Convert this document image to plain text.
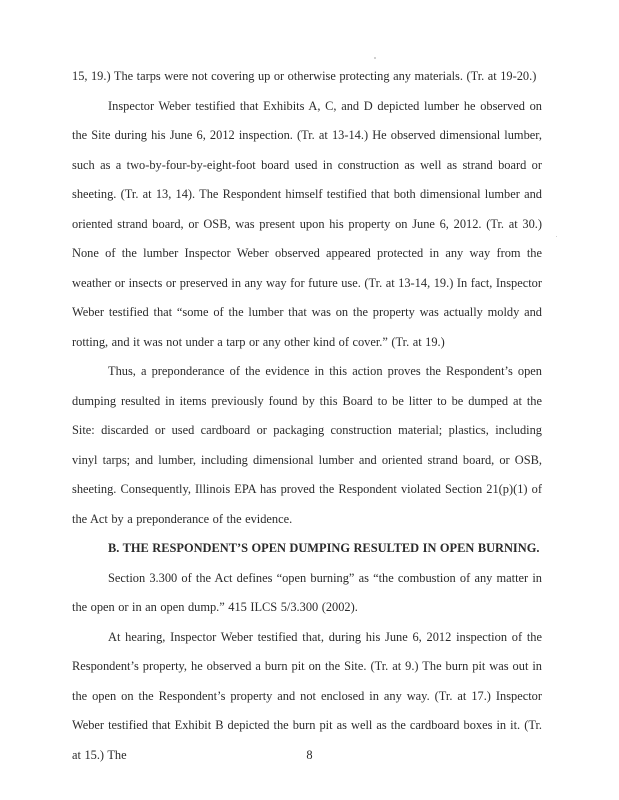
15, 19.) The tarps were not covering up or otherwise protecting any materials. (Tr. at 19-20.)

Inspector Weber testified that Exhibits A, C, and D depicted lumber he observed on the Site during his June 6, 2012 inspection. (Tr. at 13-14.) He observed dimensional lumber, such as a two-by-four-by-eight-foot board used in construction as well as strand board or sheeting. (Tr. at 13, 14). The Respondent himself testified that both dimensional lumber and oriented strand board, or OSB, was present upon his property on June 6, 2012. (Tr. at 30.) None of the lumber Inspector Weber observed appeared protected in any way from the weather or insects or preserved in any way for future use. (Tr. at 13-14, 19.) In fact, Inspector Weber testified that “some of the lumber that was on the property was actually moldy and rotting, and it was not under a tarp or any other kind of cover.” (Tr. at 19.)

Thus, a preponderance of the evidence in this action proves the Respondent’s open dumping resulted in items previously found by this Board to be litter to be dumped at the Site: discarded or used cardboard or packaging construction material; plastics, including vinyl tarps; and lumber, including dimensional lumber and oriented strand board, or OSB, sheeting. Consequently, Illinois EPA has proved the Respondent violated Section 21(p)(1) of the Act by a preponderance of the evidence.

B. THE RESPONDENT’S OPEN DUMPING RESULTED IN OPEN BURNING.

Section 3.300 of the Act defines “open burning” as “the combustion of any matter in the open or in an open dump.” 415 ILCS 5/3.300 (2002).

At hearing, Inspector Weber testified that, during his June 6, 2012 inspection of the Respondent’s property, he observed a burn pit on the Site. (Tr. at 9.) The burn pit was out in the open on the Respondent’s property and not enclosed in any way. (Tr. at 17.) Inspector Weber testified that Exhibit B depicted the burn pit as well as the cardboard boxes in it. (Tr. at 15.) The	8
